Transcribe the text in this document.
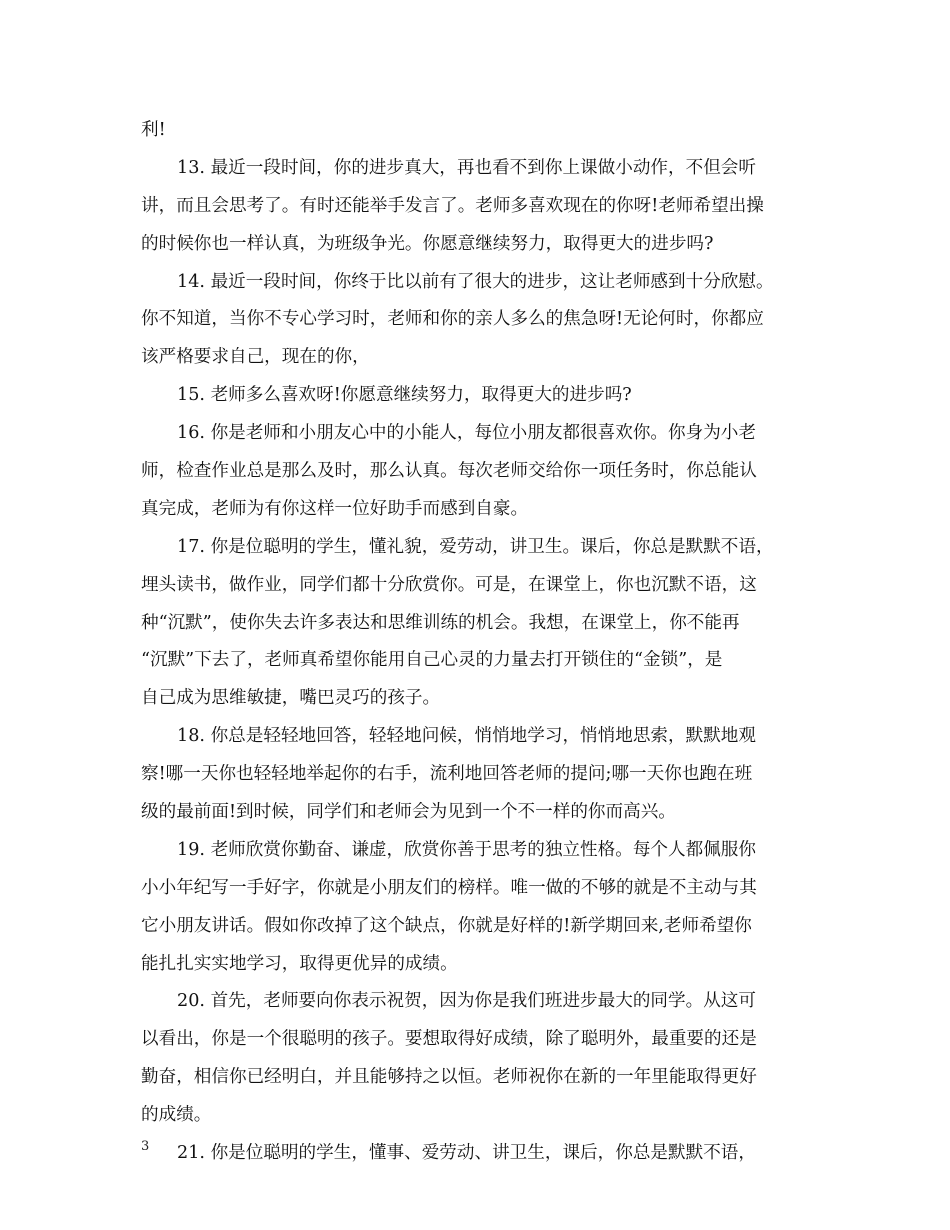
利!
13. 最近一段时间，你的进步真大，再也看不到你上课做小动作，不但会听
讲，而且会思考了。有时还能举手发言了。老师多喜欢现在的你呀!老师希望出操
的时候你也一样认真，为班级争光。你愿意继续努力，取得更大的进步吗?
14. 最近一段时间，你终于比以前有了很大的进步，这让老师感到十分欣慰。
你不知道，当你不专心学习时，老师和你的亲人多么的焦急呀!无论何时，你都应
该严格要求自己，现在的你，
15. 老师多么喜欢呀!你愿意继续努力，取得更大的进步吗?
16. 你是老师和小朋友心中的小能人，每位小朋友都很喜欢你。你身为小老
师，检查作业总是那么及时，那么认真。每次老师交给你一项任务时，你总能认
真完成，老师为有你这样一位好助手而感到自豪。
17. 你是位聪明的学生，懂礼貌，爱劳动，讲卫生。课后，你总是默默不语，
埋头读书，做作业，同学们都十分欣赏你。可是，在课堂上，你也沉默不语，这
种“沉默”，使你失去许多表达和思维训练的机会。我想，在课堂上，你不能再
“沉默”下去了，老师真希望你能用自己心灵的力量去打开锁住的“金锁”，是
自己成为思维敏捷，嘴巴灵巧的孩子。
18. 你总是轻轻地回答，轻轻地问候，悄悄地学习，悄悄地思索，默默地观
察!哪一天你也轻轻地举起你的右手，流利地回答老师的提问;哪一天你也跑在班
级的最前面!到时候，同学们和老师会为见到一个不一样的你而高兴。
19. 老师欣赏你勤奋、谦虚，欣赏你善于思考的独立性格。每个人都佩服你
小小年纪写一手好字，你就是小朋友们的榜样。唯一做的不够的就是不主动与其
它小朋友讲话。假如你改掉了这个缺点，你就是好样的!新学期回来,老师希望你
能扎扎实实地学习，取得更优异的成绩。
20. 首先，老师要向你表示祝贺，因为你是我们班进步最大的同学。从这可
以看出，你是一个很聪明的孩子。要想取得好成绩，除了聪明外，最重要的还是
勤奋，相信你已经明白，并且能够持之以恒。老师祝你在新的一年里能取得更好
的成绩。
21. 你是位聪明的学生，懂事、爱劳动、讲卫生，课后，你总是默默不语，
3
